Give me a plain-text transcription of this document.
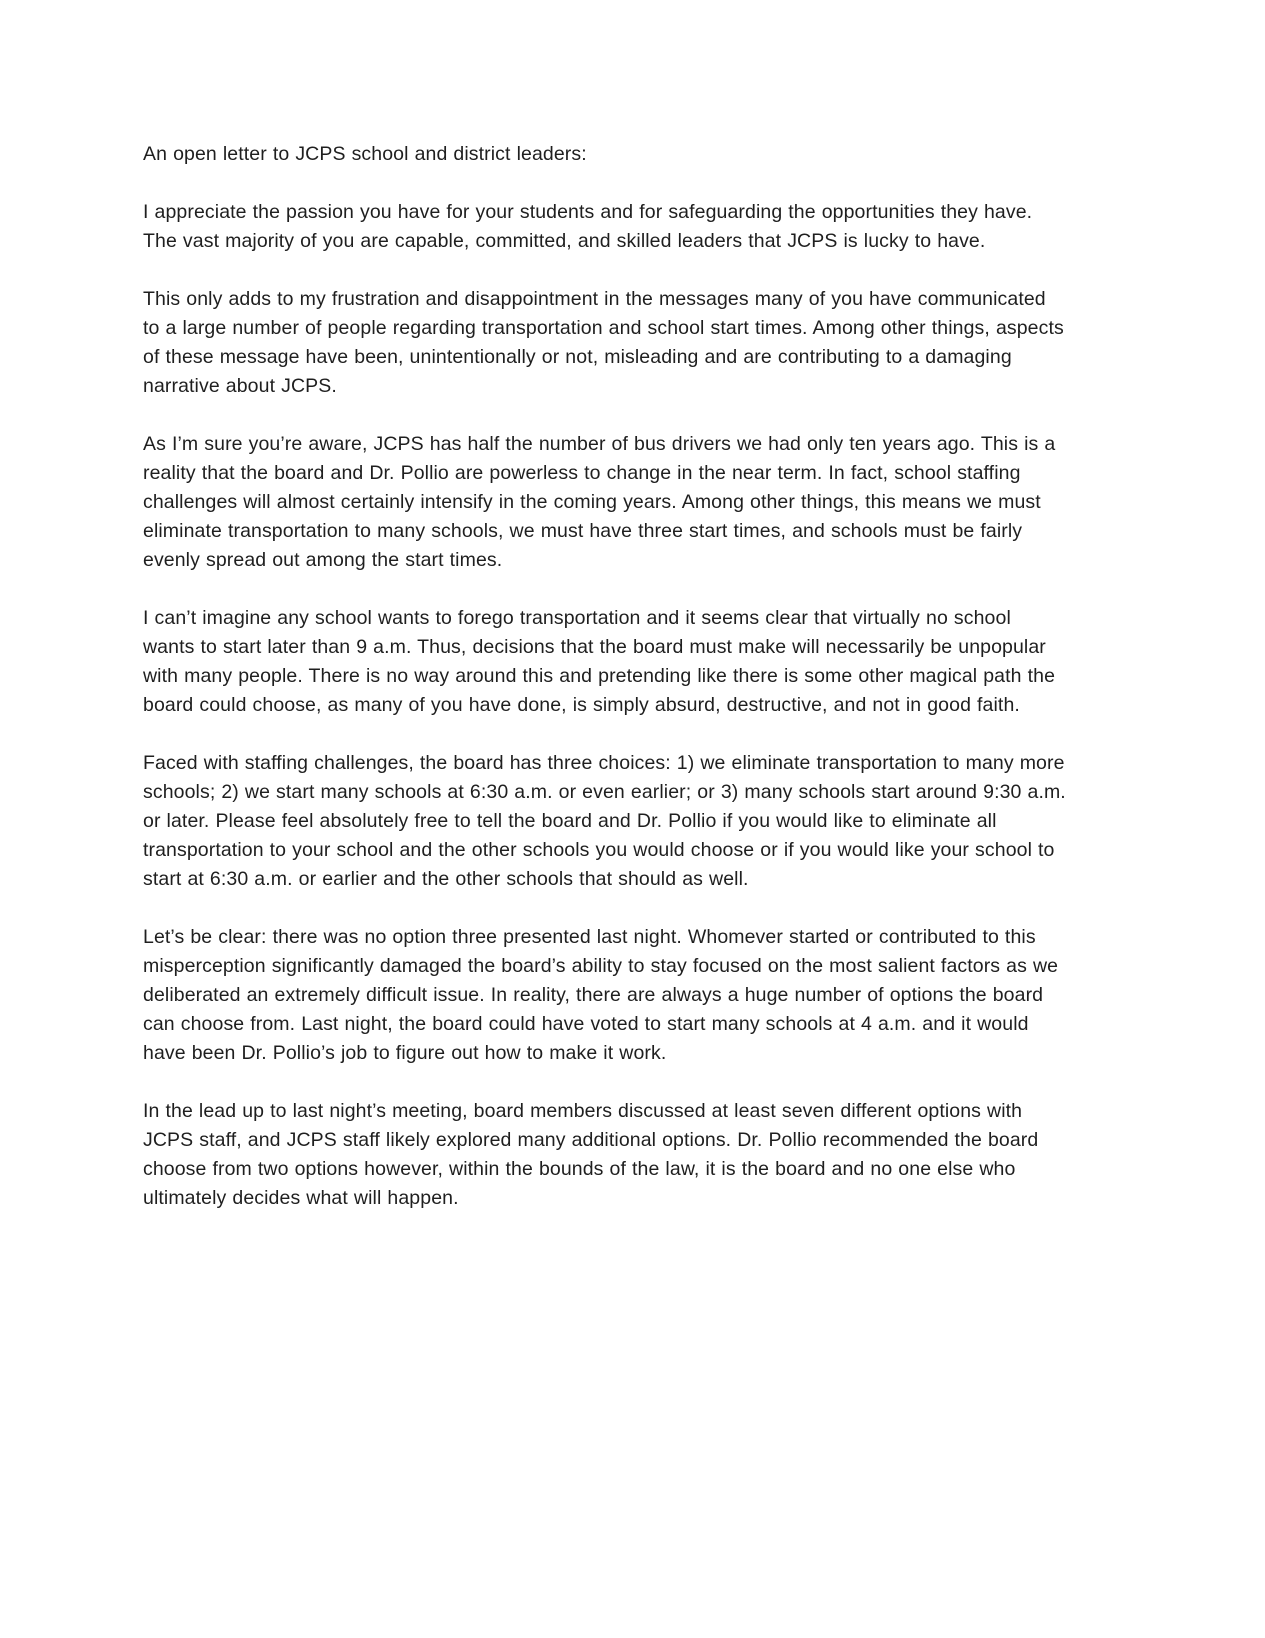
An open letter to JCPS school and district leaders:

I appreciate the passion you have for your students and for safeguarding the opportunities they have. The vast majority of you are capable, committed, and skilled leaders that JCPS is lucky to have.

This only adds to my frustration and disappointment in the messages many of you have communicated to a large number of people regarding transportation and school start times. Among other things, aspects of these message have been, unintentionally or not, misleading and are contributing to a damaging narrative about JCPS.

As I’m sure you’re aware, JCPS has half the number of bus drivers we had only ten years ago. This is a reality that the board and Dr. Pollio are powerless to change in the near term. In fact, school staffing challenges will almost certainly intensify in the coming years. Among other things, this means we must eliminate transportation to many schools, we must have three start times, and schools must be fairly evenly spread out among the start times.

I can’t imagine any school wants to forego transportation and it seems clear that virtually no school wants to start later than 9 a.m. Thus, decisions that the board must make will necessarily be unpopular with many people. There is no way around this and pretending like there is some other magical path the board could choose, as many of you have done, is simply absurd, destructive, and not in good faith.

Faced with staffing challenges, the board has three choices: 1) we eliminate transportation to many more schools; 2) we start many schools at 6:30 a.m. or even earlier; or 3) many schools start around 9:30 a.m. or later. Please feel absolutely free to tell the board and Dr. Pollio if you would like to eliminate all transportation to your school and the other schools you would choose or if you would like your school to start at 6:30 a.m. or earlier and the other schools that should as well.

Let’s be clear: there was no option three presented last night. Whomever started or contributed to this misperception significantly damaged the board’s ability to stay focused on the most salient factors as we deliberated an extremely difficult issue. In reality, there are always a huge number of options the board can choose from. Last night, the board could have voted to start many schools at 4 a.m. and it would have been Dr. Pollio’s job to figure out how to make it work.

In the lead up to last night’s meeting, board members discussed at least seven different options with JCPS staff, and JCPS staff likely explored many additional options. Dr. Pollio recommended the board choose from two options however, within the bounds of the law, it is the board and no one else who ultimately decides what will happen.
